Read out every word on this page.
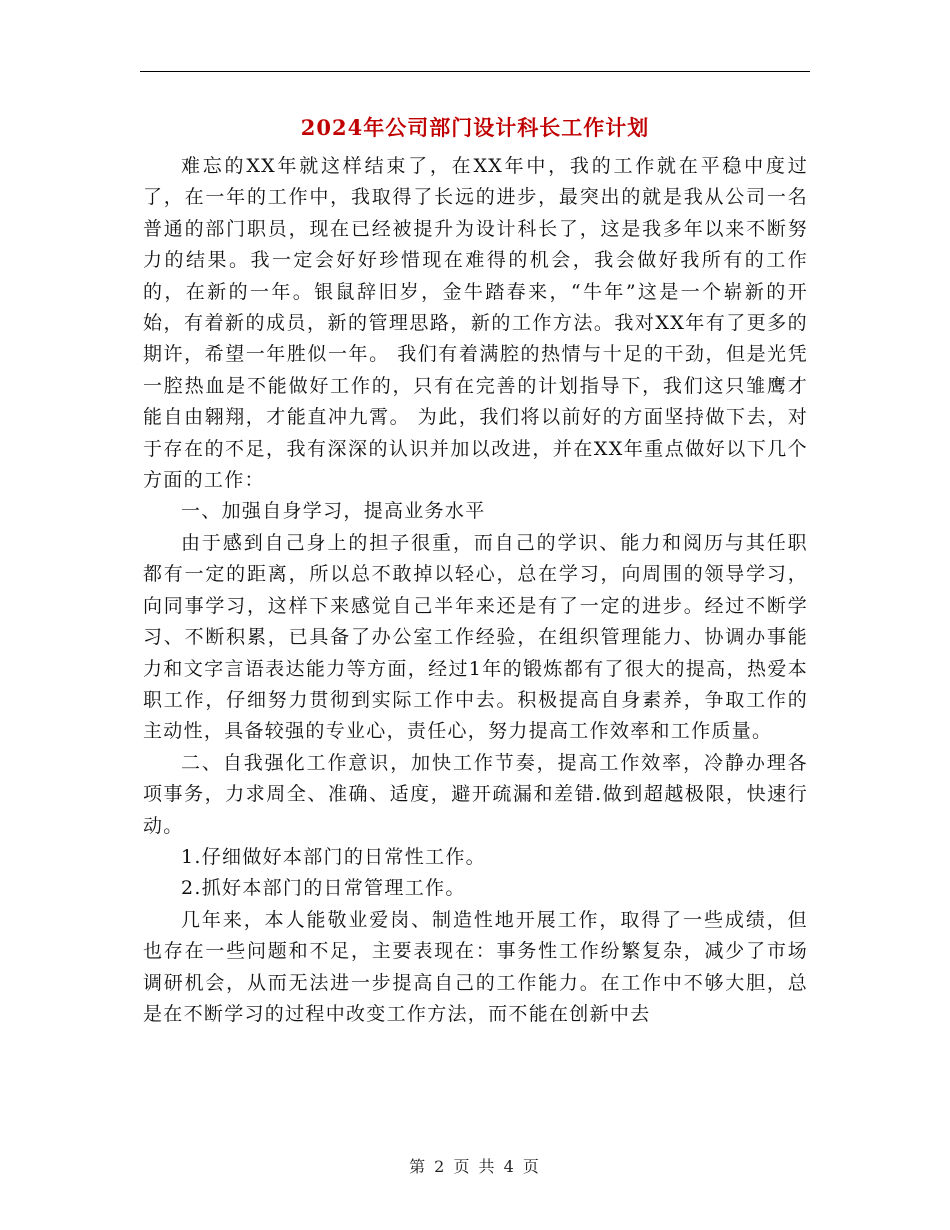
2024年公司部门设计科长工作计划

难忘的XX年就这样结束了，在XX年中，我的工作就在平稳中度过了，在一年的工作中，我取得了长远的进步，最突出的就是我从公司一名普通的部门职员，现在已经被提升为设计科长了，这是我多年以来不断努力的结果。我一定会好好珍惜现在难得的机会，我会做好我所有的工作的，在新的一年。银鼠辞旧岁，金牛踏春来，“牛年”这是一个崭新的开始，有着新的成员，新的管理思路，新的工作方法。我对XX年有了更多的期许，希望一年胜似一年。 我们有着满腔的热情与十足的干劲，但是光凭一腔热血是不能做好工作的，只有在完善的计划指导下，我们这只雏鹰才能自由翱翔，才能直冲九霄。 为此，我们将以前好的方面坚持做下去，对于存在的不足，我有深深的认识并加以改进，并在XX年重点做好以下几个方面的工作：

一、加强自身学习，提高业务水平

由于感到自己身上的担子很重，而自己的学识、能力和阅历与其任职都有一定的距离，所以总不敢掉以轻心，总在学习，向周围的领导学习，向同事学习，这样下来感觉自己半年来还是有了一定的进步。经过不断学习、不断积累，已具备了办公室工作经验，在组织管理能力、协调办事能力和文字言语表达能力等方面，经过1年的锻炼都有了很大的提高，热爱本职工作，仔细努力贯彻到实际工作中去。积极提高自身素养，争取工作的主动性，具备较强的专业心，责任心，努力提高工作效率和工作质量。

二、自我强化工作意识，加快工作节奏，提高工作效率，冷静办理各项事务，力求周全、准确、适度，避开疏漏和差错.做到超越极限，快速行动。

1.仔细做好本部门的日常性工作。

2.抓好本部门的日常管理工作。

几年来，本人能敬业爱岗、制造性地开展工作，取得了一些成绩，但也存在一些问题和不足，主要表现在：事务性工作纷繁复杂，减少了市场调研机会，从而无法进一步提高自己的工作能力。在工作中不够大胆，总是在不断学习的过程中改变工作方法，而不能在创新中去

第 2 页 共 4 页
